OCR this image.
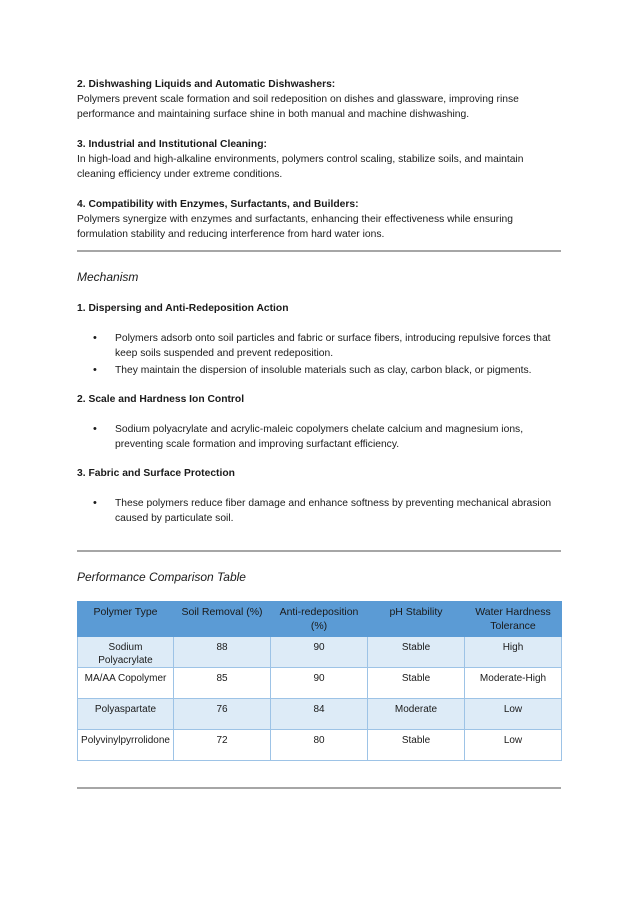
2. Dishwashing Liquids and Automatic Dishwashers:

Polymers prevent scale formation and soil redeposition on dishes and glassware, improving rinse performance and maintaining surface shine in both manual and machine dishwashing.

3. Industrial and Institutional Cleaning:

In high-load and high-alkaline environments, polymers control scaling, stabilize soils, and maintain cleaning efficiency under extreme conditions.

4. Compatibility with Enzymes, Surfactants, and Builders:

Polymers synergize with enzymes and surfactants, enhancing their effectiveness while ensuring formulation stability and reducing interference from hard water ions.

Mechanism

1. Dispersing and Anti-Redeposition Action

• Polymers adsorb onto soil particles and fabric or surface fibers, introducing repulsive forces that keep soils suspended and prevent redeposition.
• They maintain the dispersion of insoluble materials such as clay, carbon black, or pigments.

2. Scale and Hardness Ion Control

• Sodium polyacrylate and acrylic-maleic copolymers chelate calcium and magnesium ions, preventing scale formation and improving surfactant efficiency.

3. Fabric and Surface Protection

• These polymers reduce fiber damage and enhance softness by preventing mechanical abrasion caused by particulate soil.

Performance Comparison Table

Polymer Type	Soil Removal (%)	Anti-redeposition (%)	pH Stability	Water Hardness Tolerance
Sodium Polyacrylate	88	90	Stable	High
MA/AA Copolymer	85	90	Stable	Moderate-High
Polyaspartate	76	84	Moderate	Low
Polyvinylpyrrolidone	72	80	Stable	Low
